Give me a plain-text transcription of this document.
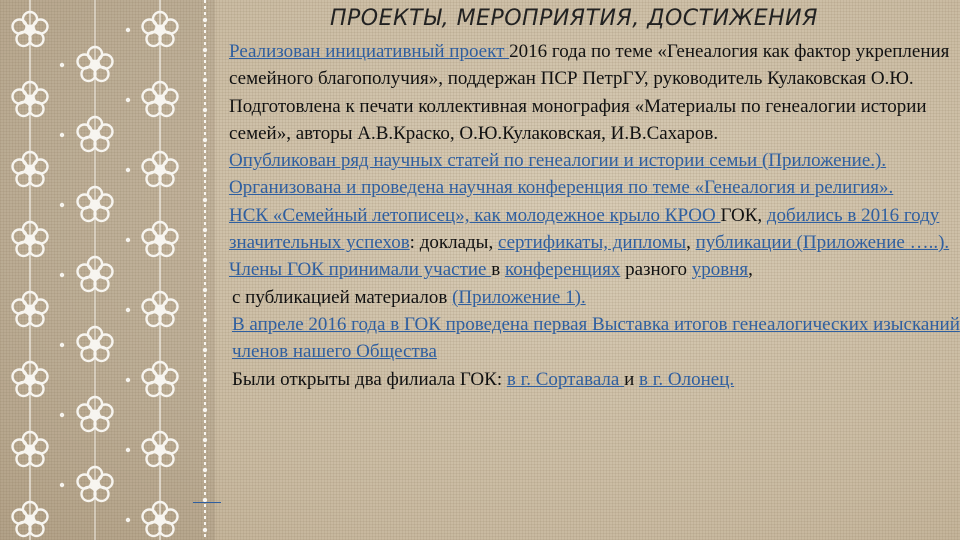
ПРОЕКТЫ, МЕРОПРИЯТИЯ, ДОСТИЖЕНИЯ
Реализован инициативный проект 2016 года по теме «Генеалогия как фактор укрепления семейного благополучия», поддержан ПСР ПетрГУ, руководитель Кулаковская О.Ю.
Подготовлена к печати коллективная монография «Материалы по генеалогии истории семей», авторы А.В.Краско, О.Ю.Кулаковская, И.В.Сахаров.
Опубликован ряд научных статей по генеалогии и истории семьи (Приложение.).
Организована и проведена научная конференция по теме «Генеалогия и религия».
НСК «Семейный летописец», как молодежное крыло КРОО ГОК, добились в 2016 году значительных успехов: доклады, сертификаты, дипломы, публикации (Приложение …..).
Члены ГОК принимали участие в конференциях разного уровня,
с публикацией материалов (Приложение 1).
В апреле 2016 года в ГОК проведена первая Выставка итогов генеалогических изысканий членов нашего Общества
Были открыты два филиала ГОК: в г. Сортавала и в г. Олонец.
